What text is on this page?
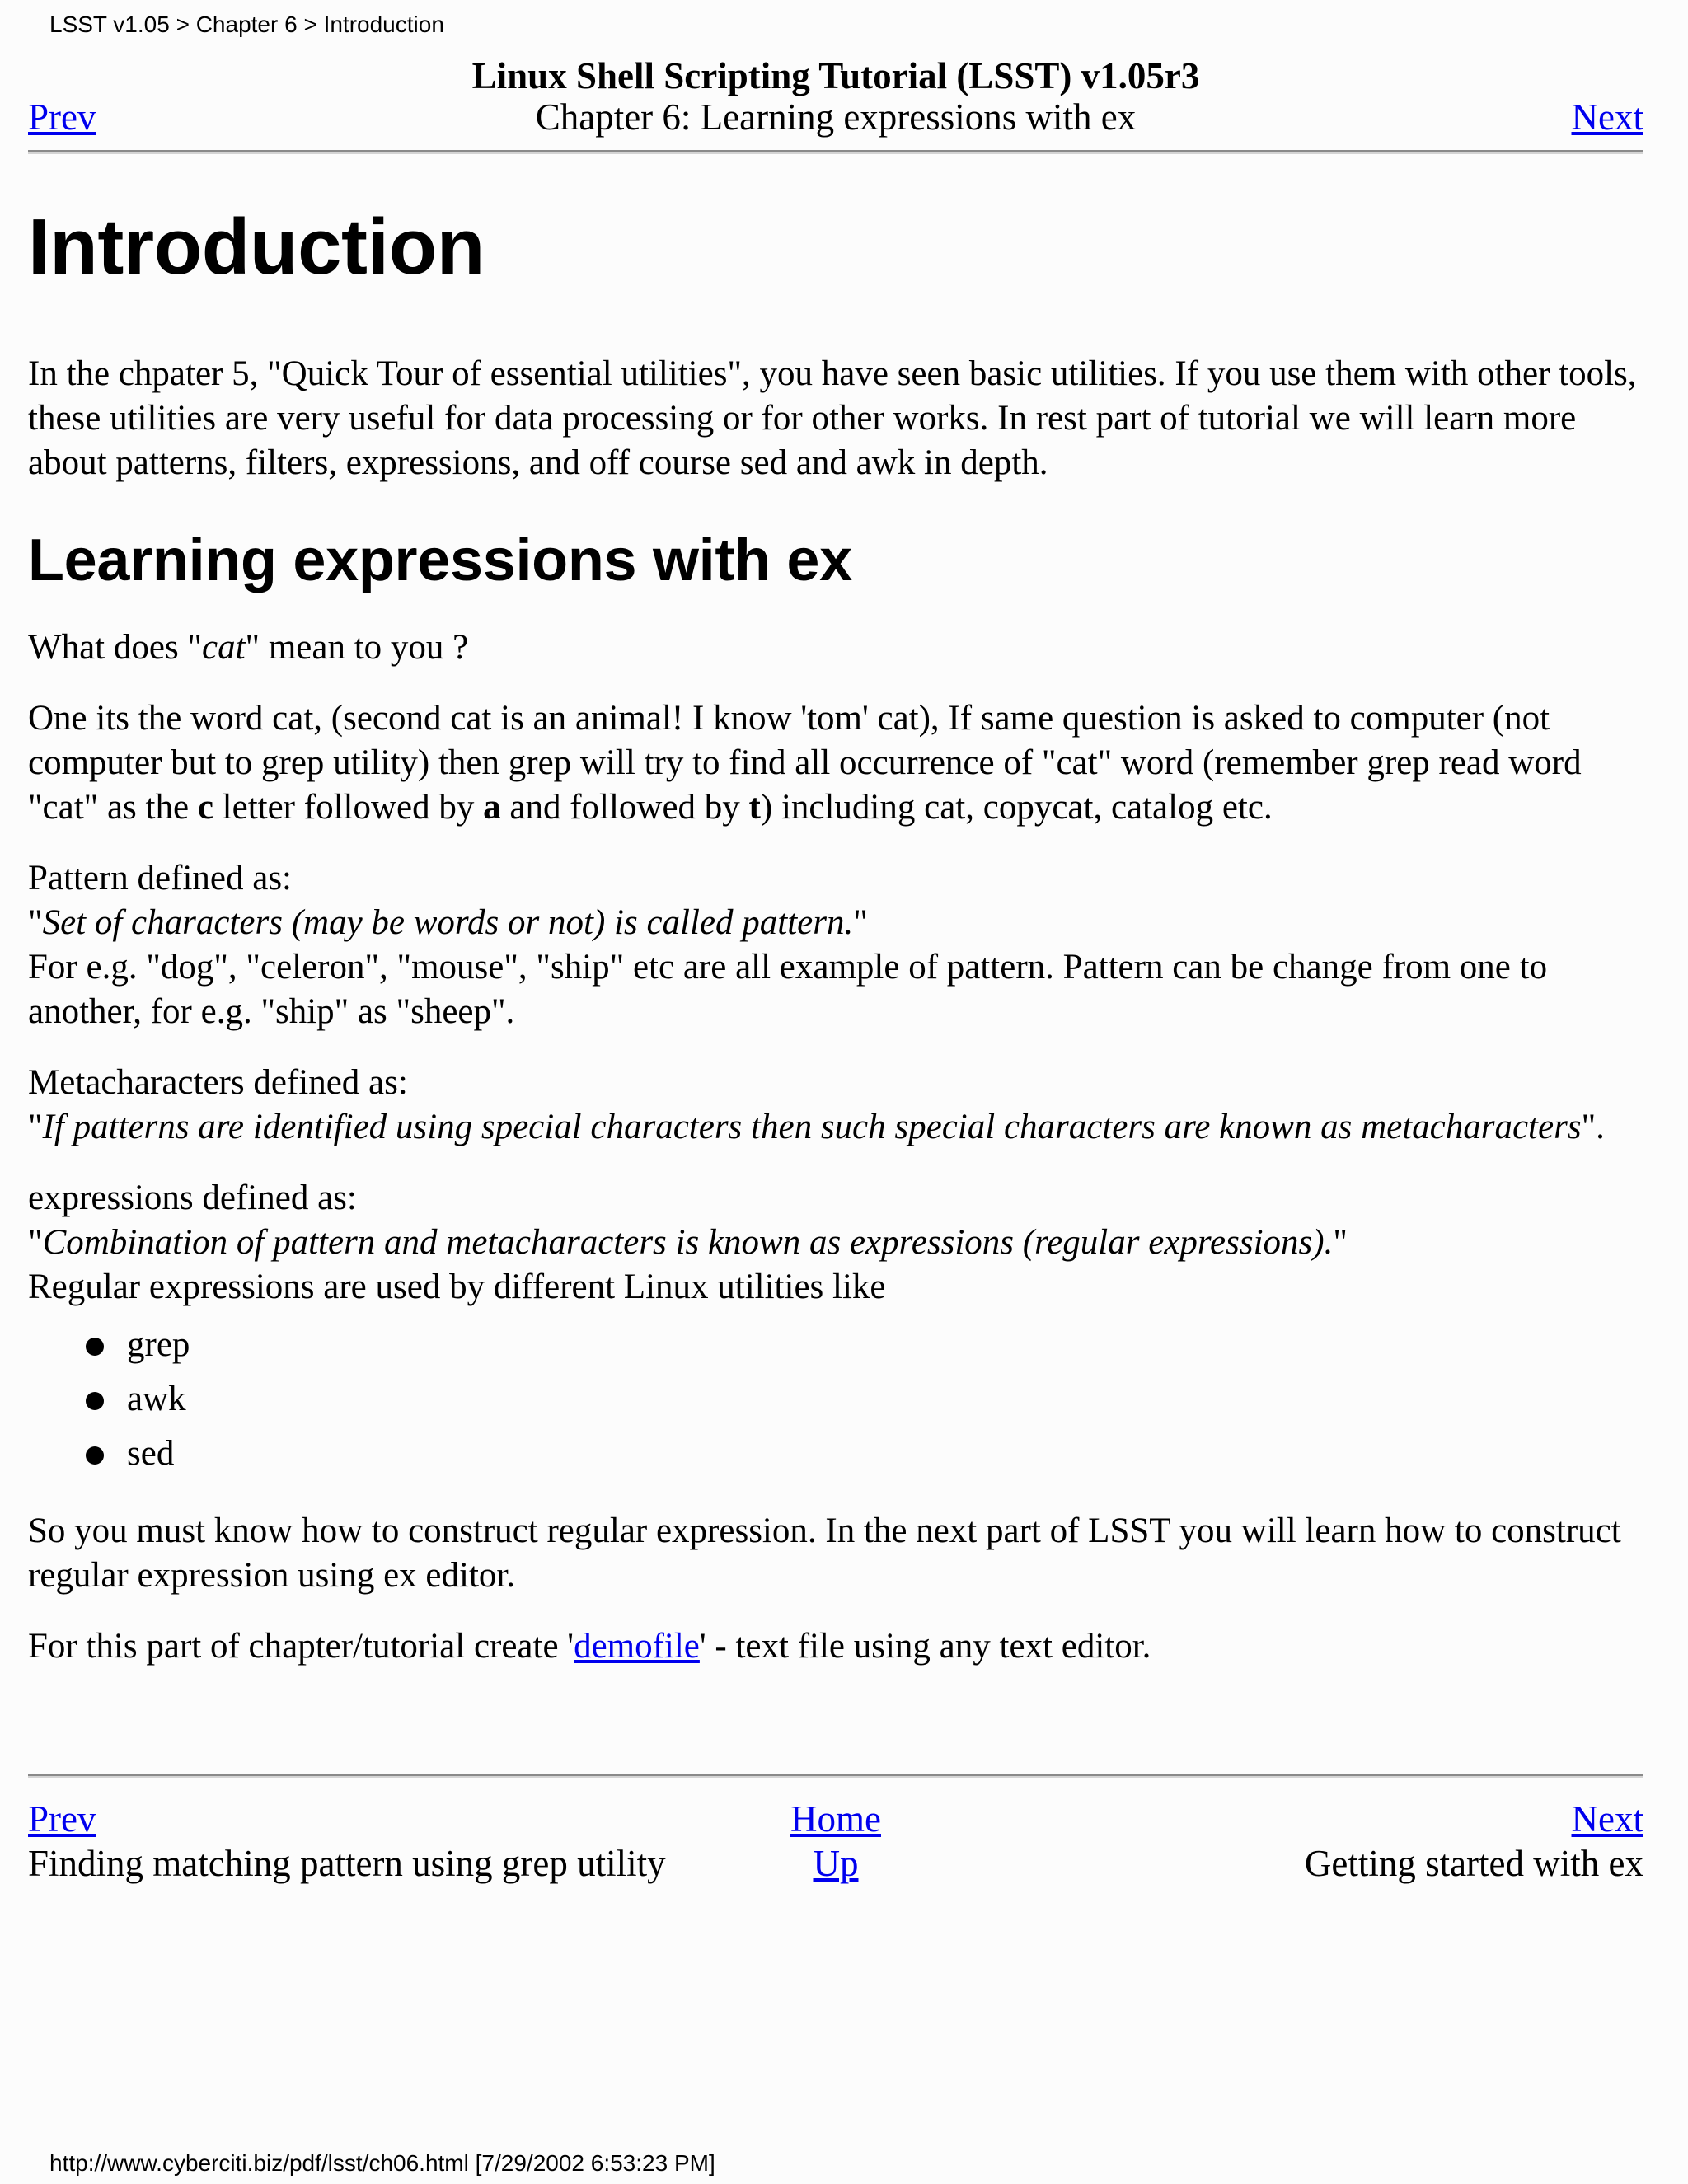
LSST v1.05 > Chapter 6 > Introduction
Linux Shell Scripting Tutorial (LSST) v1.05r3
Chapter 6: Learning expressions with ex
Prev	Next
Introduction

In the chpater 5, "Quick Tour of essential utilities", you have seen basic utilities. If you use them with other tools, these utilities are very useful for data processing or for other works. In rest part of tutorial we will learn more about patterns, filters, expressions, and off course sed and awk in depth.

Learning expressions with ex

What does "cat" mean to you ?

One its the word cat, (second cat is an animal! I know 'tom' cat), If same question is asked to computer (not computer but to grep utility) then grep will try to find all occurrence of "cat" word (remember grep read word "cat" as the c letter followed by a and followed by t) including cat, copycat, catalog etc.

Pattern defined as:
"Set of characters (may be words or not) is called pattern."
For e.g. "dog", "celeron", "mouse", "ship" etc are all example of pattern. Pattern can be change from one to another, for e.g. "ship" as "sheep".

Metacharacters defined as:
"If patterns are identified using special characters then such special characters are known as metacharacters".

expressions defined as:
"Combination of pattern and metacharacters is known as expressions (regular expressions)."
Regular expressions are used by different Linux utilities like

grep
awk
sed

So you must know how to construct regular expression. In the next part of LSST you will learn how to construct regular expression using ex editor.

For this part of chapter/tutorial create 'demofile' - text file using any text editor.

Prev
Finding matching pattern using grep utility
Home
Up
Next
Getting started with ex
http://www.cyberciti.biz/pdf/lsst/ch06.html [7/29/2002 6:53:23 PM]
